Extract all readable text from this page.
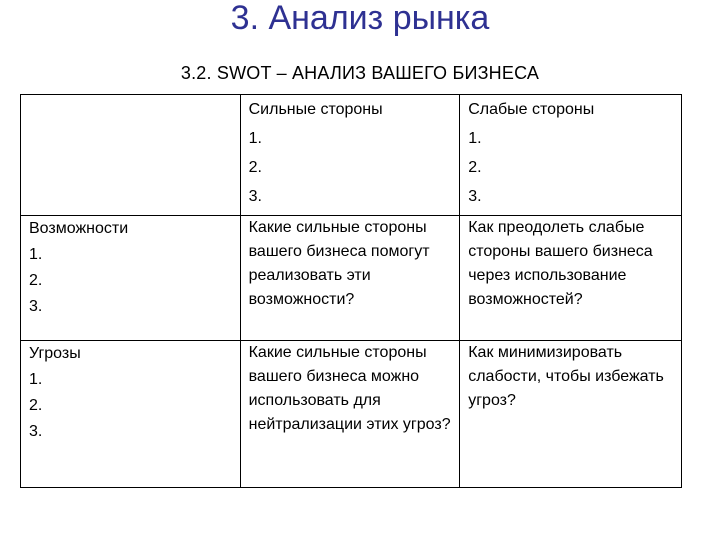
3. Анализ рынка
3.2. SWOT – АНАЛИЗ ВАШЕГО БИЗНЕСА

	Сильные стороны
1.
2.
3.	Слабые стороны
1.
2.
3.

Возможности
1.
2.
3.	Какие сильные стороны вашего бизнеса помогут реализовать эти возможности?	Как преодолеть слабые стороны вашего бизнеса через использование возможностей?

Угрозы
1.
2.
3.	Какие сильные стороны вашего бизнеса можно использовать для нейтрализации этих угроз?	Как минимизировать слабости, чтобы избежать угроз?
